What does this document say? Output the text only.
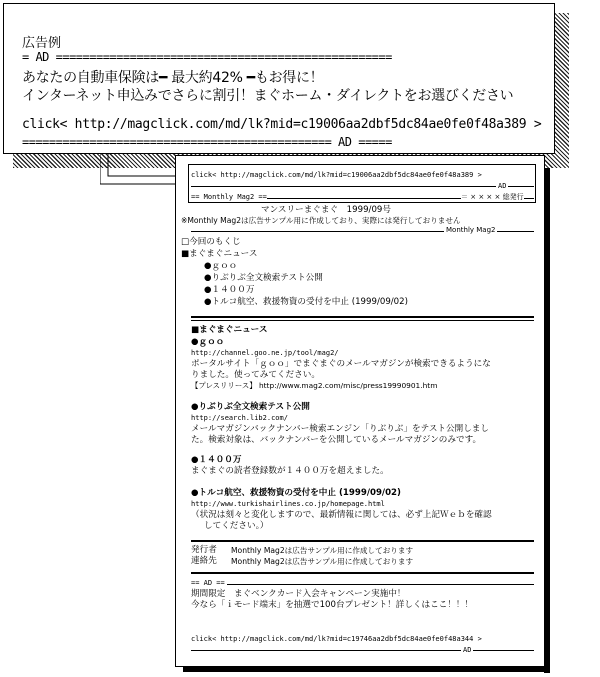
広告例
= AD ==================================================
あなたの自動車保険は━ 最大約42% ━もお得に！
インターネット申込みでさらに割引！まぐホーム・ダイレクトをお選びください
click< http://magclick.com/md/lk?mid=c19006aa2dbf5dc84ae0fe0f48a389 >
============================================== AD =====
click< http://magclick.com/md/lk?mid=c19006aa2dbf5dc84ae0fe0f48a389 >
AD
== Monthly Mag2 ==	＝ × × × × 総発行
マンスリーまぐまぐ　1999/09号
※Monthly Mag2は広告サンプル用に作成しており、実際には発行しておりません
Monthly Mag2
□今回のもくじ
■まぐまぐニュース
●ｇｏｏ
●りぶりぶ全文検索テスト公開
●１４００万
●トルコ航空、救援物資の受付を中止 (1999/09/02)
■まぐまぐニュース
●ｇｏｏ
http://channel.goo.ne.jp/tool/mag2/
ポータルサイト「ｇｏｏ」でまぐまぐのメールマガジンが検索できるようにな
りました。使ってみてください。
【プレスリリース】 http://www.mag2.com/misc/press19990901.htm
●りぶりぶ全文検索テスト公開
http://search.lib2.com/
メールマガジンバックナンバー検索エンジン「りぶりぶ」をテスト公開しまし
た。検索対象は、バックナンバーを公開しているメールマガジンのみです。
●１４００万
まぐまぐの読者登録数が１４００万を超えました。
●トルコ航空、救援物資の受付を中止 (1999/09/02)
http://www.turkishairlines.co.jp/homepage.html
（状況は刻々と変化しますので、最新情報に関しては、必ず上記Ｗｅｂを確認
してください。）
発行者 Monthly Mag2は広告サンプル用に作成しております
連絡先 Monthly Mag2は広告サンプル用に作成しております
== AD ==
期間限定　まぐベンクカード入会キャンペーン実施中！
今なら「ｉモード端末」を抽選で100台プレゼント！詳しくはここ！！！
click< http://magclick.com/md/lk?mid=c19746aa2dbf5dc84ae0fe0f48a344 >
AD
